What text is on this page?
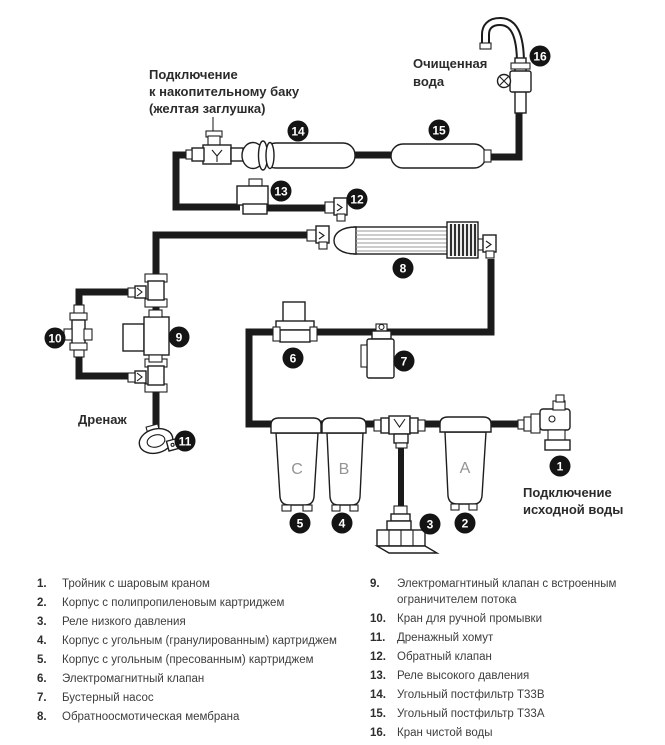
C B	A	1
2
3
4
5
6	7
8
9
10
11
12
13
14	15
16
Подключение
к накопительному баку
(желтая заглушка)
Очищенная
вода
Дренаж
Подключение
исходной воды
1. Тройник с шаровым краном
2. Корпус с полипропиленовым картриджем
3. Реле низкого давления
4. Корпус с угольным (гранулированным) картриджем
5. Корпус с угольным (пресованным) картриджем
6. Электромагнитный клапан
7. Бустерный насос
8. Обратноосмотическая мембрана
9.	Электромагнтиный клапан с встроенным ограничителем потока
10. Кран для ручной промывки
11.	Дренажный хомут
12. Обратный клапан
13. Реле высокого давления
14. Угольный постфильтр T33B
15. Угольный постфильтр T33A
16. Кран чистой воды
